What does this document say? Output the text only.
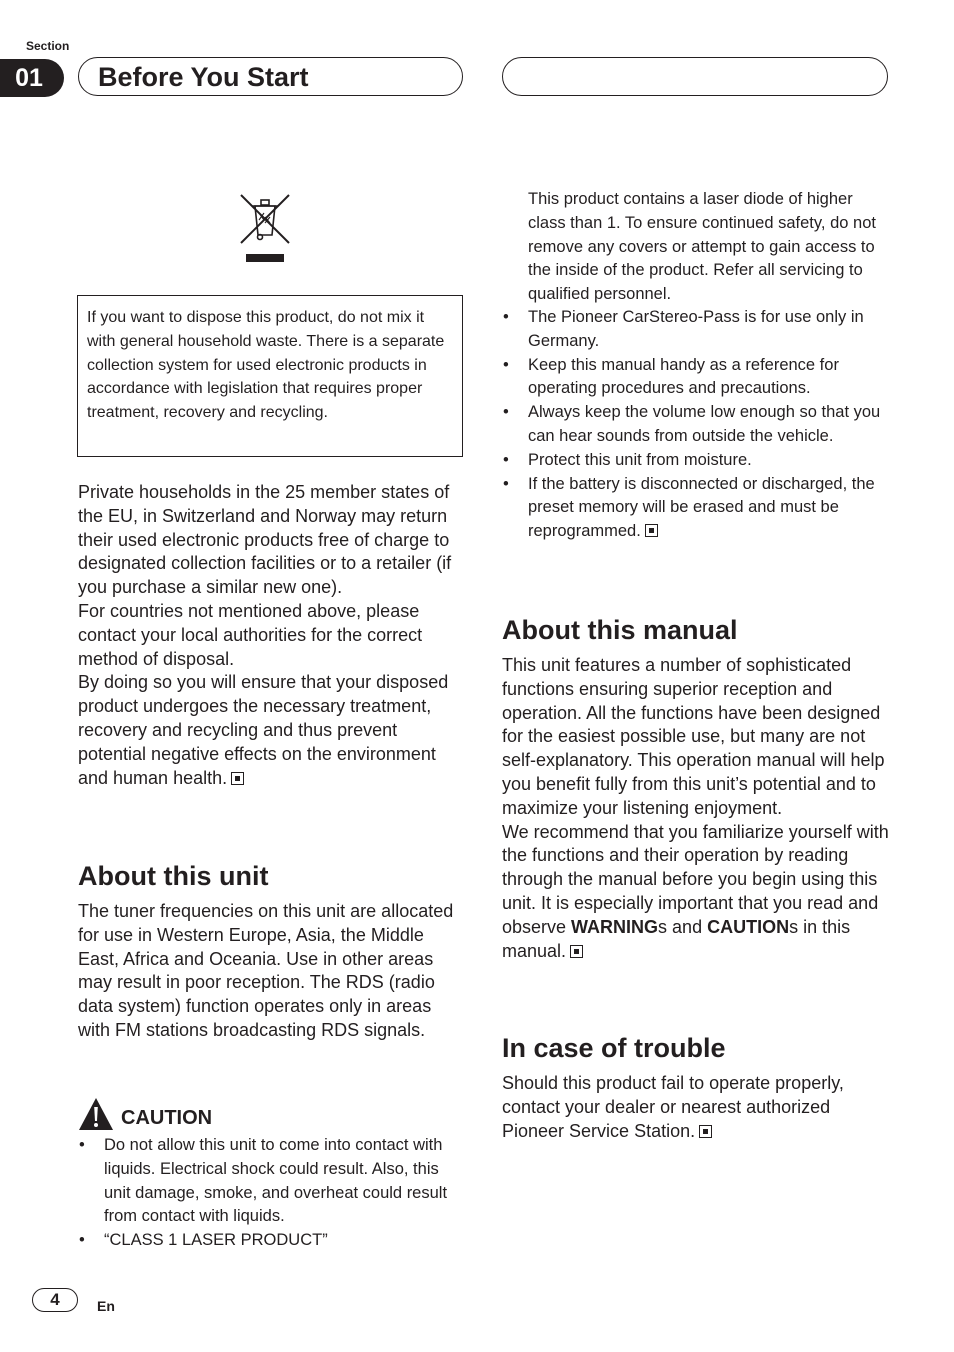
Section
01	Before You Start

If you want to dispose this product, do not mix it with general household waste. There is a separate collection system for used electronic products in accordance with legislation that requires proper treatment, recovery and recycling.

Private households in the 25 member states of the EU, in Switzerland and Norway may return their used electronic products free of charge to designated collection facilities or to a retailer (if you purchase a similar new one).

For countries not mentioned above, please contact your local authorities for the correct method of disposal.

By doing so you will ensure that your disposed product undergoes the necessary treatment, recovery and recycling and thus prevent potential negative effects on the environment and human health.

About this unit

The tuner frequencies on this unit are allocated for use in Western Europe, Asia, the Middle East, Africa and Oceania. Use in other areas may result in poor reception. The RDS (radio data system) function operates only in areas with FM stations broadcasting RDS signals.

CAUTION
• Do not allow this unit to come into contact with liquids. Electrical shock could result. Also, this unit damage, smoke, and overheat could result from contact with liquids.
• “CLASS 1 LASER PRODUCT”
This product contains a laser diode of higher class than 1. To ensure continued safety, do not remove any covers or attempt to gain access to the inside of the product. Refer all servicing to qualified personnel.
• The Pioneer CarStereo-Pass is for use only in Germany.
• Keep this manual handy as a reference for operating procedures and precautions.
• Always keep the volume low enough so that you can hear sounds from outside the vehicle.
• Protect this unit from moisture.
• If the battery is disconnected or discharged, the preset memory will be erased and must be reprogrammed.
About this manual

This unit features a number of sophisticated functions ensuring superior reception and operation. All the functions have been designed for the easiest possible use, but many are not self-explanatory. This operation manual will help you benefit fully from this unit’s potential and to maximize your listening enjoyment.

We recommend that you familiarize yourself with the functions and their operation by reading through the manual before you begin using this unit. It is especially important that you read and observe WARNINGs and CAUTIONs in this manual.

In case of trouble

Should this product fail to operate properly, contact your dealer or nearest authorized Pioneer Service Station.

4	En
